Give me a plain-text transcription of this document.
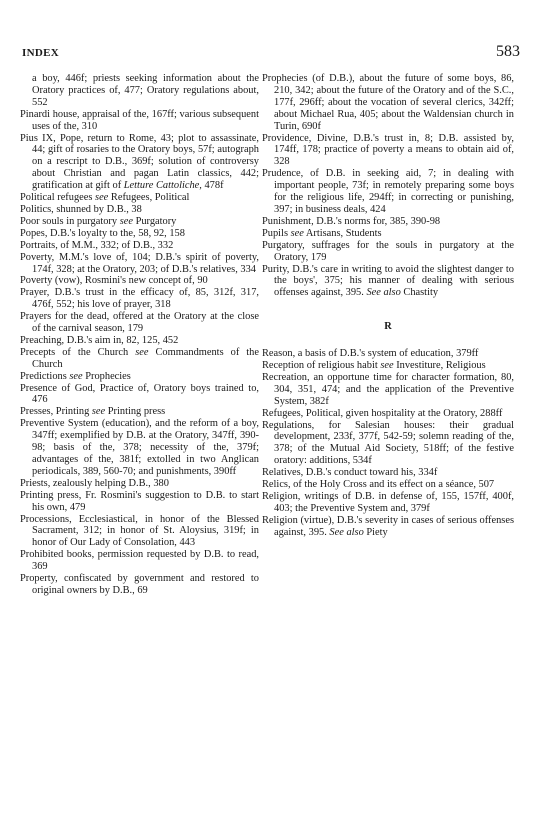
INDEX	583

a boy, 446f; priests seeking information about the Oratory practices of, 477; Oratory regulations about, 552

Pinardi house, appraisal of the, 167ff; various subsequent uses of the, 310

Pius IX, Pope, return to Rome, 43; plot to assassinate, 44; gift of rosaries to the Oratory boys, 57f; autograph on a rescript to D.B., 369f; solution of controversy about Christian and pagan Latin classics, 442; gratification at gift of Letture Cattoliche, 478f

Political refugees see Refugees, Political

Politics, shunned by D.B., 38

Poor souls in purgatory see Purgatory

Popes, D.B.'s loyalty to the, 58, 92, 158

Portraits, of M.M., 332; of D.B., 332

Poverty, M.M.'s love of, 104; D.B.'s spirit of poverty, 174f, 328; at the Oratory, 203; of D.B.'s relatives, 334

Poverty (vow), Rosmini's new concept of, 90

Prayer, D.B.'s trust in the efficacy of, 85, 312f, 317, 476f, 552; his love of prayer, 318

Prayers for the dead, offered at the Oratory at the close of the carnival season, 179

Preaching, D.B.'s aim in, 82, 125, 452

Precepts of the Church see Commandments of the Church

Predictions see Prophecies

Presence of God, Practice of, Oratory boys trained to, 476

Presses, Printing see Printing press

Preventive System (education), and the reform of a boy, 347ff; exemplified by D.B. at the Oratory, 347ff, 390-98; basis of the, 378; necessity of the, 379f; advantages of the, 381f; extolled in two Anglican periodicals, 389, 560-70; and punishments, 390ff

Priests, zealously helping D.B., 380

Printing press, Fr. Rosmini's suggestion to D.B. to start his own, 479

Processions, Ecclesiastical, in honor of the Blessed Sacrament, 312; in honor of St. Aloysius, 319f; in honor of Our Lady of Consolation, 443

Prohibited books, permission requested by D.B. to read, 369

Property, confiscated by government and restored to original owners by D.B., 69

Prophecies (of D.B.), about the future of some boys, 86, 210, 342; about the future of the Oratory and of the S.C., 177f, 296ff; about the vocation of several clerics, 342ff; about Michael Rua, 405; about the Waldensian church in Turin, 690f

Providence, Divine, D.B.'s trust in, 8; D.B. assisted by, 174ff, 178; practice of poverty a means to obtain aid of, 328

Prudence, of D.B. in seeking aid, 7; in dealing with important people, 73f; in remotely preparing some boys for the religious life, 294ff; in correcting or punishing, 397; in business deals, 424

Punishment, D.B.'s norms for, 385, 390-98

Pupils see Artisans, Students

Purgatory, suffrages for the souls in purgatory at the Oratory, 179

Purity, D.B.'s care in writing to avoid the slightest danger to the boys', 375; his manner of dealing with serious offenses against, 395. See also Chastity

R

Reason, a basis of D.B.'s system of education, 379ff

Reception of religious habit see Investiture, Religious

Recreation, an opportune time for character formation, 80, 304, 351, 474; and the application of the Preventive System, 382f

Refugees, Political, given hospitality at the Oratory, 288ff

Regulations, for Salesian houses: their gradual development, 233f, 377f, 542-59; solemn reading of the, 378; of the Mutual Aid Society, 518ff; of the festive oratory: additions, 534f

Relatives, D.B.'s conduct toward his, 334f

Relics, of the Holy Cross and its effect on a séance, 507

Religion, writings of D.B. in defense of, 155, 157ff, 400f, 403; the Preventive System and, 379f

Religion (virtue), D.B.'s severity in cases of serious offenses against, 395. See also Piety
